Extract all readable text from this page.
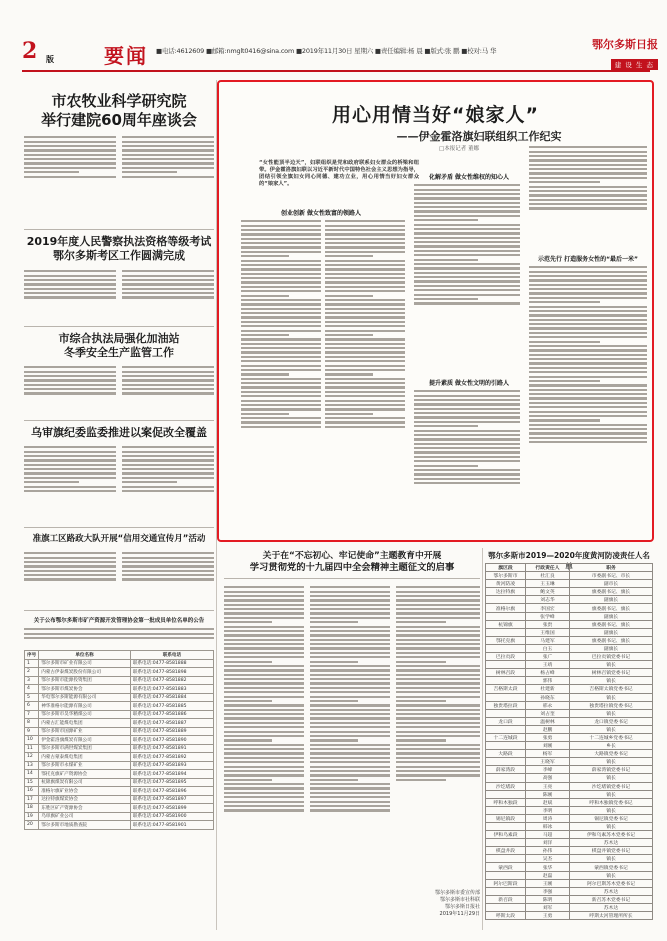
2 版	要闻 ■电话:4612609 ■邮箱:nmglt0416@sina.com ■2019年11月30日 星期六 ■责任编辑:杨 晨 ■版式:张 鹏 ■校对:马 华	鄂尔多斯日报
建 设 生 态
市农牧业科学研究院
举行建院60周年座谈会
2019年度人民警察执法资格等级考试
鄂尔多斯考区工作圆满完成
市综合执法局强化加油站
冬季安全生产监管工作
乌审旗纪委监委推进以案促改全覆盖
准旗工区路政大队开展“信用交通宣传月”活动
关于公布鄂尔多斯市矿产资源开发管理协会第一批成员单位名单的公告
序号	单位名称	联系电话
1	鄂尔多斯市矿业有限公司	联系电话:0477-8581888
2	内蒙古伊泰煤炭股份有限公司	联系电话:0477-8581898
3	鄂尔多斯市能源投资集团	联系电话:0477-8581882
4	鄂尔多斯市煤炭协会	联系电话:0477-8581883
5	华电鄂尔多斯能源有限公司	联系电话:0477-8581884
6	神华准格尔能源有限公司	联系电话:0477-8581885
7	鄂尔多斯市昊华精煤公司	联系电话:0477-8581886
8	内蒙古汇能煤电集团	联系电话:0477-8581887
9	鄂尔多斯市国源矿业	联系电话:0477-8581889
10	伊金霍洛旗煤炭有限公司	联系电话:0477-8581890
11	鄂尔多斯市满世煤炭集团	联系电话:0477-8581891
12	内蒙古蒙泰煤电集团	联系电话:0477-8581892
13	鄂尔多斯市永煤矿业	联系电话:0477-8581893
14	鄂托克旗矿产资源协会	联系电话:0477-8581894
15	杭锦旗煤炭有限公司	联系电话:0477-8581895
16	准格尔旗矿业协会	联系电话:0477-8581896
17	达拉特旗煤炭协会	联系电话:0477-8581897
18	东胜区矿产资源协会	联系电话:0477-8581899
19	乌审旗矿业公司	联系电话:0477-8581900
20	鄂尔多斯市地质勘查院	联系电话:0477-8581901
用心用情当好“娘家人”
——伊金霍洛旗妇联组织工作纪实
□本报记者 董娜
“女性能顶半边天”，妇联组织是党和政府联系妇女群众的桥梁和纽带。伊金霍洛旗妇联以习近平新时代中国特色社会主义思想为指导，团结引领全旗妇女同心同德、建功立业，用心用情当好妇女群众的“娘家人”。
创业创新 做女性致富的领路人
化解矛盾 做女性维权的知心人
提升素质 做女性文明的引路人
示范先行 打造服务女性的“最后一米”
关于在“不忘初心、牢记使命”主题教育中开展
学习贯彻党的十九届四中全会精神主题征文的启事
鄂尔多斯市委宣传部
鄂尔多斯市社科联
鄂尔多斯日报社
2019年11月29日
鄂尔多斯市2019—2020年度黄河防凌责任人名单
旗区段	行政责任人	职务
鄂尔多斯市	杜汇良	市委副书记、市长
黄河防凌	王玉琳	副市长
达拉特旗	鲍文英	旗委副书记、旗长
	刘志华	副旗长
准格尔旗	李国宏	旗委副书记、旗长
	张学峰	副旗长
杭锦旗	张贵	旗委副书记、旗长
	王维国	副旗长
鄂托克旗	马建军	旗委副书记、旗长
	白玉	副旗长
巴拉贡段	张广	巴拉贡镇党委书记
	王靖	镇长
树林召段	杨占峰	树林召镇党委书记
	郭伟	镇长
吉格斯太段	杜建新	吉格斯太镇党委书记
	孙晓东	镇长
独贵塔拉段	邢永	独贵塔拉镇党委书记
	刘占奎	镇长
龙口段	温树林	龙口镇党委书记
	赵鹏	镇长
十二连城段	张勇	十二连城乡党委书记
	刘刚	乡长
大路段	杨军	大路镇党委书记
	王晓军	镇长
薛家湾段	李峰	薛家湾镇党委书记
	高强	镇长
沙圪堵段	王亮	沙圪堵镇党委书记
	陈刚	镇长
呼和木独段	赵斌	呼和木独镇党委书记
	李明	镇长
锡尼镇段	周涛	锡尼镇党委书记
	韩冰	镇长
伊和乌素段	马超	伊和乌素苏木党委书记
	刘洋	苏木达
棋盘井段	孙伟	棋盘井镇党委书记
	吴杰	镇长
蒙西段	张华	蒙西镇党委书记
	赵磊	镇长
阿尔巴斯段	王刚	阿尔巴斯苏木党委书记
	李强	苏木达
新召段	陈明	新召苏木党委书记
	刘军	苏木达
呼斯太段	王勇	呼斯太河管理所所长
